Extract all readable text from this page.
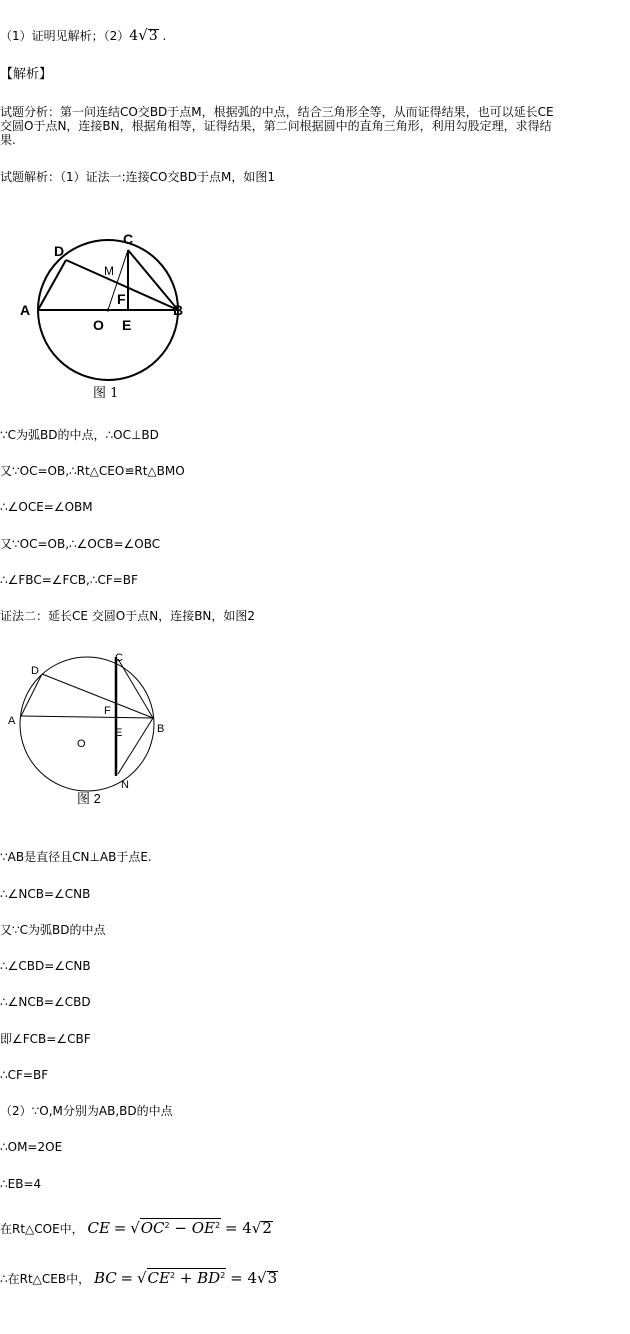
（1）证明见解析；（2）4√3 .
【解析】
试题分析：第一问连结CO交BD于点M，根据弧的中点，结合三角形全等，从而证得结果，也可以延长CE
交圆O于点N，连接BN，根据角相等，证得结果，第二问根据圆中的直角三角形，利用勾股定理，求得结
果.
试题解析：（1）证法一:连接CO交BD于点M，如图1
D
C
M
A
F
B
O E
图 1
∵C为弧BD的中点，∴OC⊥BD
又∵OC=OB,∴Rt△CEO≌Rt△BMO
∴∠OCE=∠OBM
又∵OC=OB,∴∠OCB=∠OBC
∴∠FBC=∠FCB,∴CF=BF
证法二：延长CE 交圆O于点N，连接BN，如图2
D
C
A
F
B
O
E
N
图 2
∵AB是直径且CN⊥AB于点E.
∴∠NCB=∠CNB
又∵C为弧BD的中点
∴∠CBD=∠CNB
∴∠NCB=∠CBD
即∠FCB=∠CBF
∴CF=BF
（2）∵O,M分别为AB,BD的中点
∴OM=2OE
∴EB=4
在Rt△COE中， CE = $√OC^2 - OE^2 = 4√2$
∴在Rt△CEB中， BC = $√CE^2 + BD^2 = 4√3$
